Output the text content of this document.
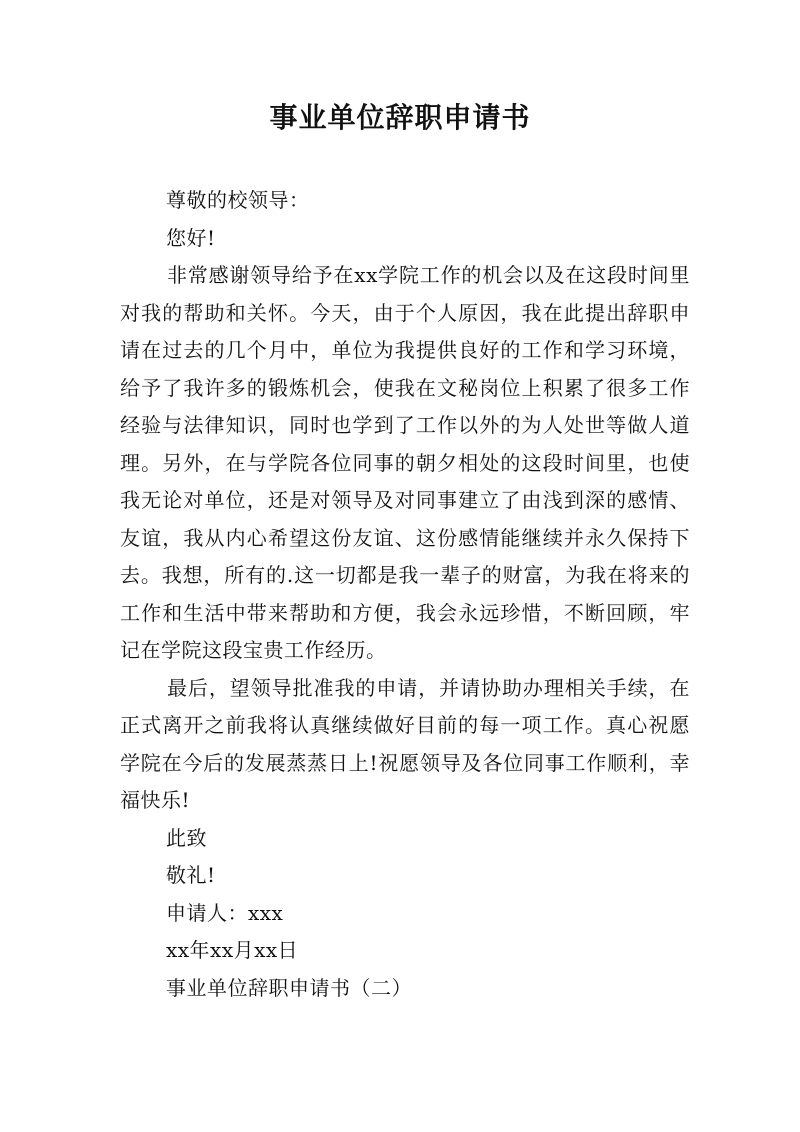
事业单位辞职申请书

尊敬的校领导：

您好!

非常感谢领导给予在xx学院工作的机会以及在这段时间里对我的帮助和关怀。今天，由于个人原因，我在此提出辞职申请在过去的几个月中，单位为我提供良好的工作和学习环境，给予了我许多的锻炼机会，使我在文秘岗位上积累了很多工作经验与法律知识，同时也学到了工作以外的为人处世等做人道理。另外，在与学院各位同事的朝夕相处的这段时间里，也使我无论对单位，还是对领导及对同事建立了由浅到深的感情、友谊，我从内心希望这份友谊、这份感情能继续并永久保持下去。我想，所有的.这一切都是我一辈子的财富，为我在将来的工作和生活中带来帮助和方便，我会永远珍惜，不断回顾，牢记在学院这段宝贵工作经历。

最后，望领导批准我的申请，并请协助办理相关手续，在正式离开之前我将认真继续做好目前的每一项工作。真心祝愿学院在今后的发展蒸蒸日上!祝愿领导及各位同事工作顺利，幸福快乐!

此致

敬礼!

申请人：xxx

xx年xx月xx日

事业单位辞职申请书（二）
